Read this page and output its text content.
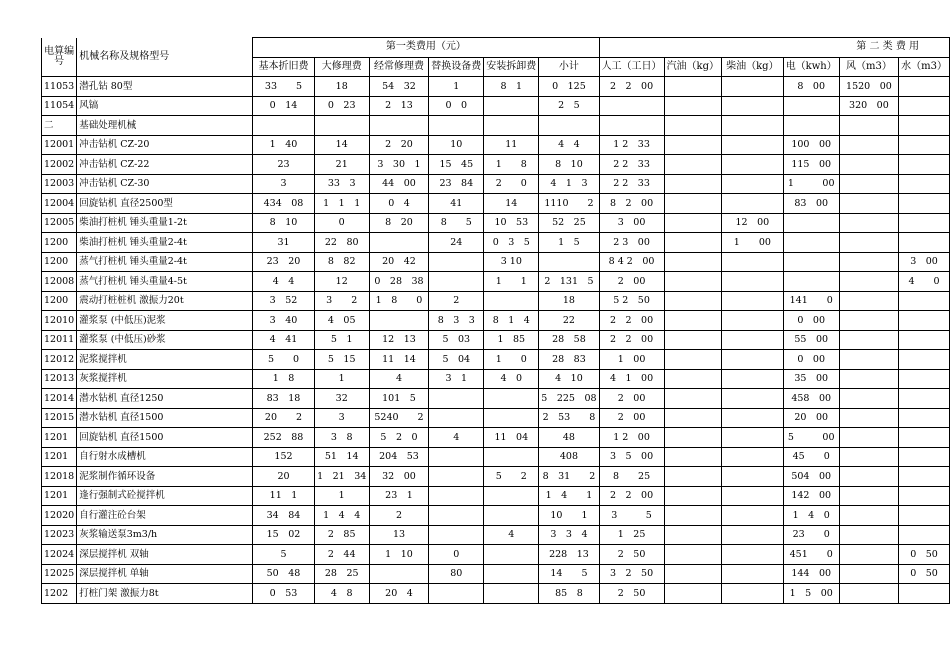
电算编号	机械名称及规格型号	第一类费用（元）						第 二 类 费 用					
		基本折旧费	大修理费	经常修理费	替换设备费	安装拆卸费	小计	人工（工日）	汽油（kg）	柴油（kg）	电（kwh）	风（m3）	水（m3）
11053	潜孔钻 80型	33　　5	18	54　32	1	8　1	0　125	2　2　00			8　00	1520　00	
11054	风镐	0　14	0　23	2　13	0　0		2　5					320　00	
二	基础处理机械												
12001	冲击钻机 CZ-20	1　40	14	2　20	10	11	4　4	1 2　33			100　00		
12002	冲击钻机 CZ-22	23	21	3　30　1	15　45	1　　8	8　10	2 2　33			115　00		
12003	冲击钻机 CZ-30	3	33　3	44　00	23　84	2　　0	4　1　3	2 2　33			1　　　00		
12004	回旋钻机 直径2500型	434　08	1　1　1	0　4	41	14	1110　　2	8　2　00			83　00		
12005	柴油打桩机 锤头重量1-2t	8　10	0	8　20	8　　5	10　53	52　25	3　00		12　00			
1200	柴油打桩机 锤头重量2-4t	31	22　80		24	0　3　5	1　5	2 3　00		1　　00			
1200	蒸气打桩机 锤头重量2-4t	23　20	8　82	20　42		3 10		8 4 2　00					3　00
12008	蒸气打桩机 锤头重量4-5t	4　4	12	0　28　38		1　　1	2　131　5	2　00					4　　0
1200	震动打桩桩机 激振力20t	3　52	3　　2	1　8　　0	2		18	5 2　50			141　　0		
12010	灌浆泵 (中低压)泥浆	3　40	4　05		8　3　3	8　1　4	22	2　2　00			0　00		
12011	灌浆泵 (中低压)砂浆	4　41	5　1	12　13	5　03	1　85	28　58	2　2　00			55　00		
12012	泥浆搅拌机	5　　0	5　15	11　14	5　04	1　　0	28　83	1　00			0　00		
12013	灰浆搅拌机	1　8	1	4	3　1	4　0	4　10	4　1　00			35　00		
12014	潜水钻机 直径1250	83　18	32	101　5			5　225　08	2　00			458　00		
12015	潜水钻机 直径1500	20　　2	3	5240　　2			2　53　　8	2　00			20　00		
1201	回旋钻机 直径1500	252　88	3　8	5　2　0	4	11　04	48	1 2　00			5　　　00		
1201	自行射水成槽机	152	51　14	204　53			408	3　5　00			45　　0		
12018	泥浆制作循环设备	20	1　21　34	32　00		5　　2	8　31　　2	8　　25			504　00		
1201	逢行强制式砼搅拌机	11　1	1	23　1			1　4　　1	2　2　00			142　00		
12020	自行灌注砼台架	34　84	1　4　4	2			10　　1	3　　　5			1　4　0		
12023	灰浆输送泵3m3/h	15　02	2　85	13		4	3　3　4	1　25			23　　0		
12024	深层搅拌机 双轴	5	2　44	1　10	0		228　13	2　50			451　　0		0　50
12025	深层搅拌机 单轴	50　48	28　25		80		14　　5	3　2　50			144　00		0　50
1202	打桩门架 激振力8t	0　53	4　8	20　4			85　8	2　50			1　5　00		
